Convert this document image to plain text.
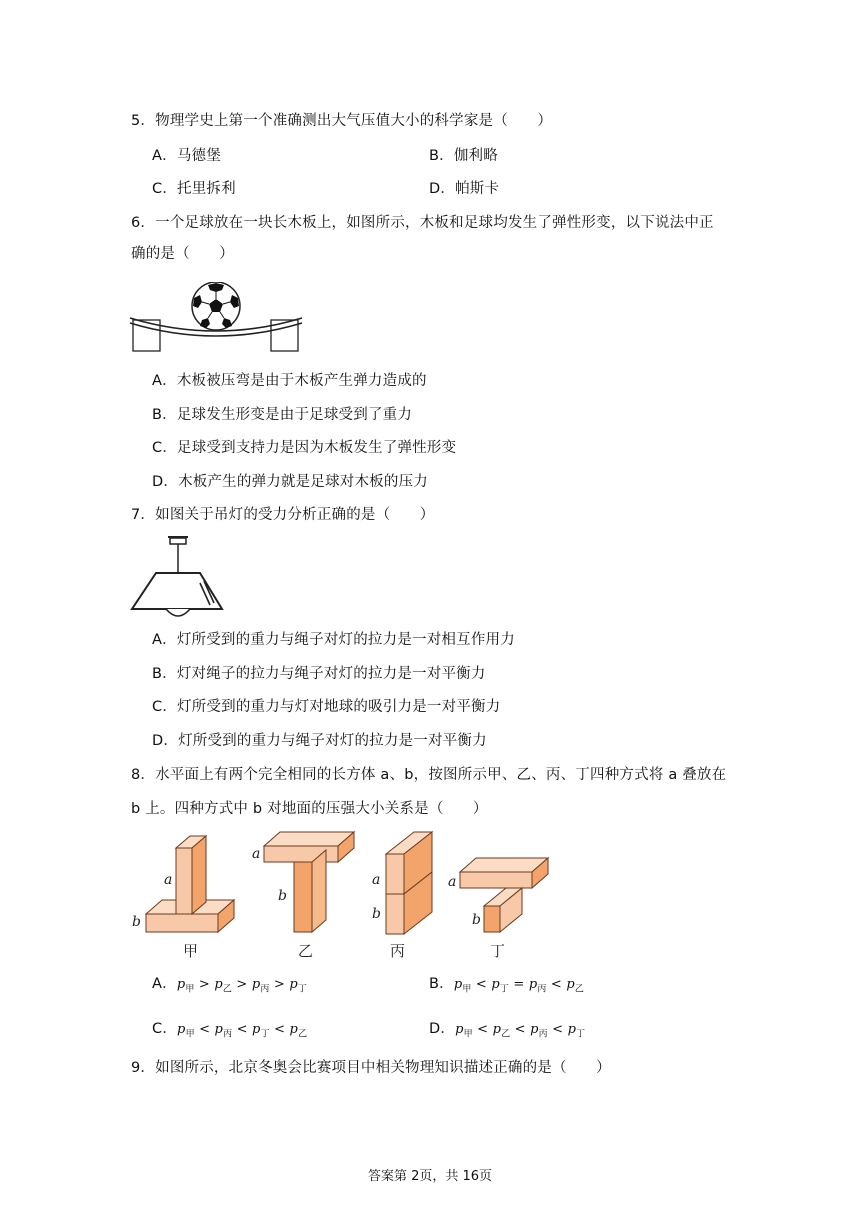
5．物理学史上第一个准确测出大气压值大小的科学家是（　　）
A．马德堡	B．伽利略
C．托里拆利	D．帕斯卡
6．一个足球放在一块长木板上，如图所示，木板和足球均发生了弹性形变，以下说法中正
确的是（　　）
A．木板被压弯是由于木板产生弹力造成的
B．足球发生形变是由于足球受到了重力
C．足球受到支持力是因为木板发生了弹性形变
D．木板产生的弹力就是足球对木板的压力
7．如图关于吊灯的受力分析正确的是（　　）
A．灯所受到的重力与绳子对灯的拉力是一对相互作用力
B．灯对绳子的拉力与绳子对灯的拉力是一对平衡力
C．灯所受到的重力与灯对地球的吸引力是一对平衡力
D．灯所受到的重力与绳子对灯的拉力是一对平衡力
8．水平面上有两个完全相同的长方体 a、b，按图所示甲、乙、丙、丁四种方式将 a 叠放在
b 上。四种方式中 b 对地面的压强大小关系是（　　）
a
b
a
b
a
b
a
b
甲	乙	丙	丁
A．$p_甲 > p_乙 > p_丙 > p_丁$	B．$p_甲 < p_丁 = p_丙 < p_乙$
C．$p_甲 < p_丙 < p_丁 < p_乙$	D．$p_甲 < p_乙 < p_丙 < p_丁$
9．如图所示，北京冬奥会比赛项目中相关物理知识描述正确的是（　　）
答案第 2页，共 16页
